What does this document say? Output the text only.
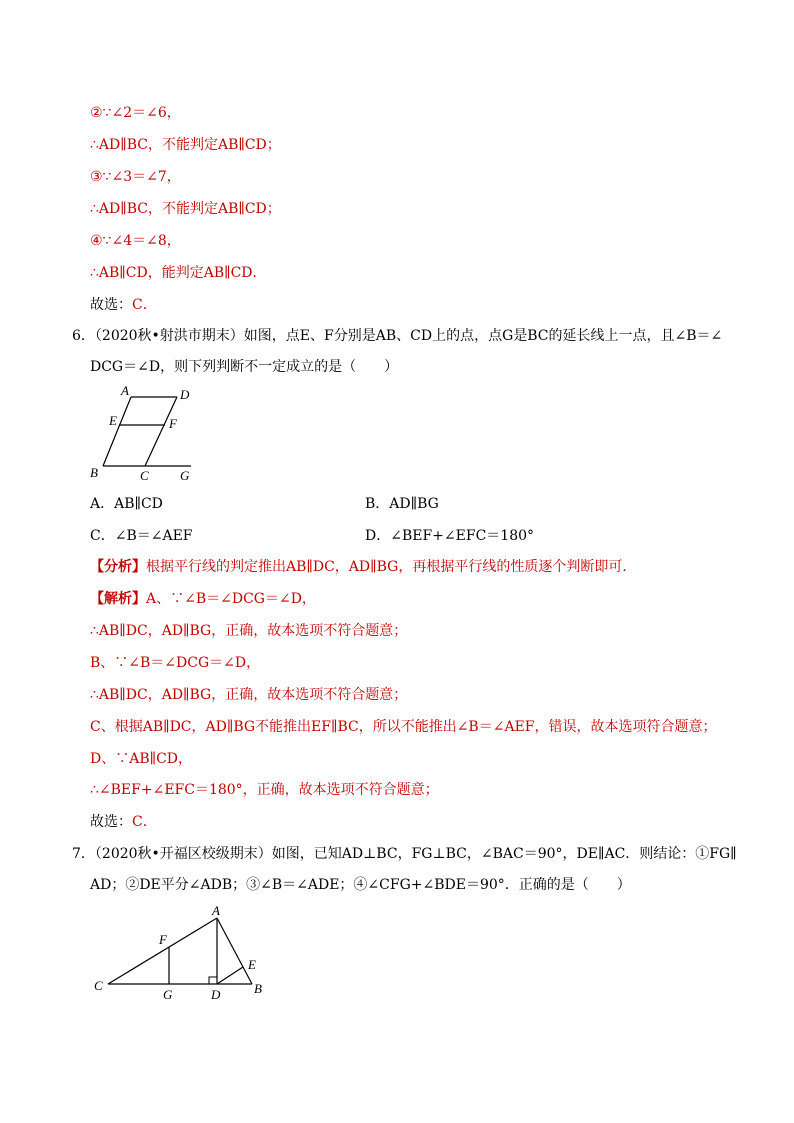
②∵∠2＝∠6，
∴AD∥BC，不能判定AB∥CD；
③∵∠3＝∠7，
∴AD∥BC，不能判定AB∥CD；
④∵∠4＝∠8，
∴AB∥CD，能判定AB∥CD．
故选：C．
6．（2020秋•射洪市期末）如图，点E、F分别是AB、CD上的点，点G是BC的延长线上一点，且∠B＝∠
DCG＝∠D，则下列判断不一定成立的是（　　）
A	D
E	F
B	C G
A．AB∥CD	B．AD∥BG
C．∠B＝∠AEF	D．∠BEF+∠EFC＝180°
【分析】根据平行线的判定推出AB∥DC，AD∥BG，再根据平行线的性质逐个判断即可．
【解析】A、∵∠B＝∠DCG＝∠D，
∴AB∥DC，AD∥BG，正确，故本选项不符合题意；
B、∵∠B＝∠DCG＝∠D，
∴AB∥DC，AD∥BG，正确，故本选项不符合题意；
C、根据AB∥DC，AD∥BG不能推出EF∥BC，所以不能推出∠B＝∠AEF，错误，故本选项符合题意；
D、∵AB∥CD，
∴∠BEF+∠EFC＝180°，正确，故本选项不符合题意；
故选：C．
7．（2020秋•开福区校级期末）如图，已知AD⊥BC，FG⊥BC，∠BAC＝90°，DE∥AC．则结论：①FG∥
AD；②DE平分∠ADB；③∠B＝∠ADE；④∠CFG+∠BDE＝90°．正确的是（　　）
A
F
E
C
G	D	B
